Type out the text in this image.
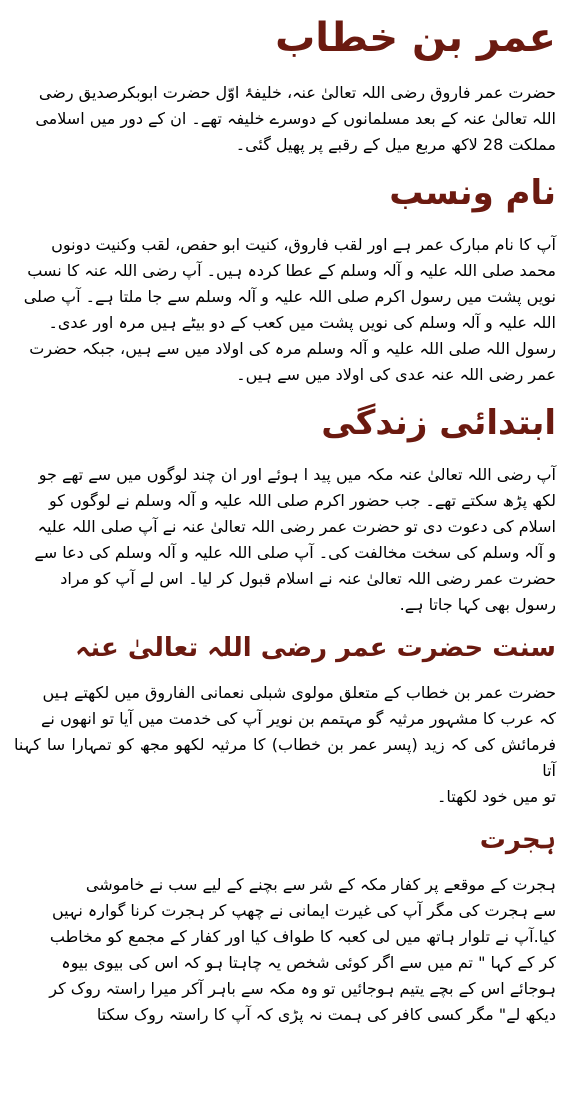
عمر بن خطاب

حضرت عمر فاروق رضی اللہ تعالیٰ عنہ، خلیفۂ اوّل حضرت ابوبکرصدیق رضی
اللہ تعالیٰ عنہ کے بعد مسلمانوں کے دوسرے خلیفہ تھے۔ ان کے دور میں اسلامی
مملکت 28 لاکھ مربع میل کے رقبے پر پھیل گئی۔

نام ونسب

آپ کا نام مبارک عمر ہے اور لقب فاروق، کنیت ابو حفص، لقب وکنیت دونوں
محمد صلی اللہ علیہ و آلہ وسلم کے عطا کردہ ہیں۔ آپ رضی اللہ عنہ کا نسب
نویں پشت میں رسول اکرم صلی اللہ علیہ و آلہ وسلم سے جا ملتا ہے۔ آپ صلی
اللہ علیہ و آلہ وسلم کی نویں پشت میں کعب کے دو بیٹے ہیں مرہ اور عدی۔
رسول اللہ صلی اللہ علیہ و آلہ وسلم مرہ کی اولاد میں سے ہیں، جبکہ حضرت
عمر رضی اللہ عنہ عدی کی اولاد میں سے ہیں۔

ابتدائی زندگی

آپ رضی اللہ تعالیٰ عنہ مکہ میں پید ا ہوئے اور ان چند لوگوں میں سے تھے جو
لکھ پڑھ سکتے تھے۔ جب حضور اکرم صلی اللہ علیہ و آلہ وسلم نے لوگوں کو
اسلام کی دعوت دی تو حضرت عمر رضی اللہ تعالیٰ عنہ نے آپ صلی اللہ علیہ
و آلہ وسلم کی سخت مخالفت کی۔ آپ صلی اللہ علیہ و آلہ وسلم کی دعا سے
حضرت عمر رضی اللہ تعالیٰ عنہ نے اسلام قبول کر لیا۔ اس لے آپ کو مراد
رسول بھی کہا جاتا ہے.

سنت حضرت عمر رضی اللہ تعالیٰ عنہ

حضرت عمر بن خطاب کے متعلق مولوی شبلی نعمانی الفاروق میں لکھتے ہیں
کہ عرب کا مشہور مرثیہ گو مہتمم بن نویر آپ کی خدمت میں آیا تو انھوں نے
فرمائش کی کہ زید (پسر عمر بن خطاب) کا مرثیہ لکھو مجھ کو تمہارا سا کہنا آتا
تو میں خود لکھتا۔

ہجرت

ہجرت کے موقعے پر کفار مکہ کے شر سے بچنے کے لیے سب نے خاموشی
سے ہجرت کی مگر آپ کی غیرت ایمانی نے چھپ کر ہجرت کرنا گوارہ نہیں
کیا.آپ نے تلوار ہاتھ میں لی کعبہ کا طواف کیا اور کفار کے مجمع کو مخاطب
کر کے کہا " تم میں سے اگر کوئی شخص یہ چاہتا ہو کہ اس کی بیوی بیوہ
ہوجائے اس کے بچے یتیم ہوجائیں تو وہ مکہ سے باہر آکر میرا راستہ روک کر
دیکھ لے" مگر کسی کافر کی ہمت نہ پڑی کہ آپ کا راستہ روک سکتا
